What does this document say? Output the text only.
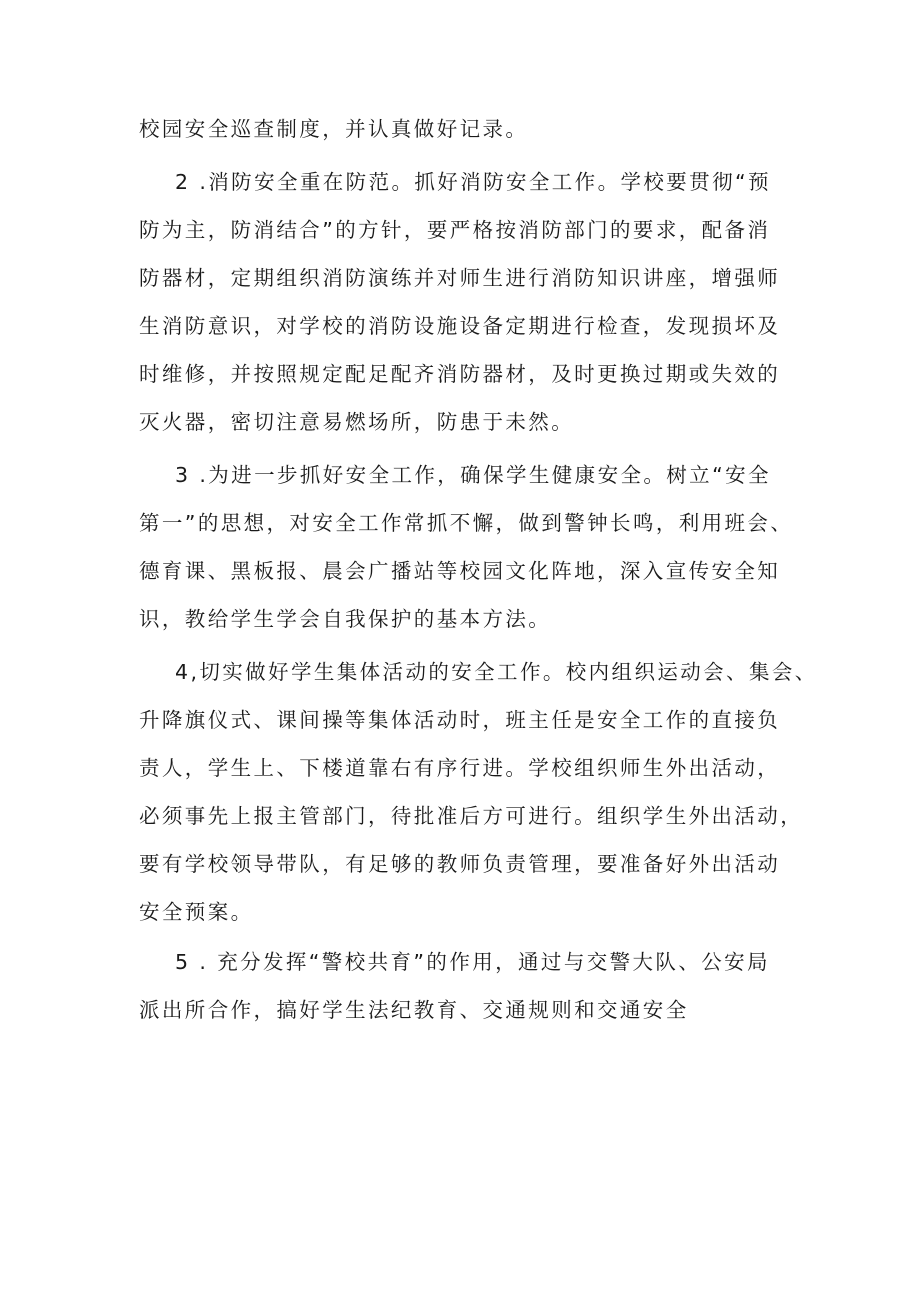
校园安全巡查制度，并认真做好记录。
2 .消防安全重在防范。抓好消防安全工作。学校要贯彻“预
防为主，防消结合”的方针，要严格按消防部门的要求，配备消
防器材，定期组织消防演练并对师生进行消防知识讲座，增强师
生消防意识，对学校的消防设施设备定期进行检查，发现损坏及
时维修，并按照规定配足配齐消防器材，及时更换过期或失效的
灭火器，密切注意易燃场所，防患于未然。
3 .为进一步抓好安全工作，确保学生健康安全。树立“安全
第一”的思想，对安全工作常抓不懈，做到警钟长鸣，利用班会、
德育课、黑板报、晨会广播站等校园文化阵地，深入宣传安全知
识，教给学生学会自我保护的基本方法。
4,切实做好学生集体活动的安全工作。校内组织运动会、集会、
升降旗仪式、课间操等集体活动时，班主任是安全工作的直接负
责人，学生上、下楼道靠右有序行进。学校组织师生外出活动，
必须事先上报主管部门，待批准后方可进行。组织学生外出活动，
要有学校领导带队，有足够的教师负责管理，要准备好外出活动
安全预案。
5 . 充分发挥“警校共育”的作用，通过与交警大队、公安局
派出所合作，搞好学生法纪教育、交通规则和交通安全
